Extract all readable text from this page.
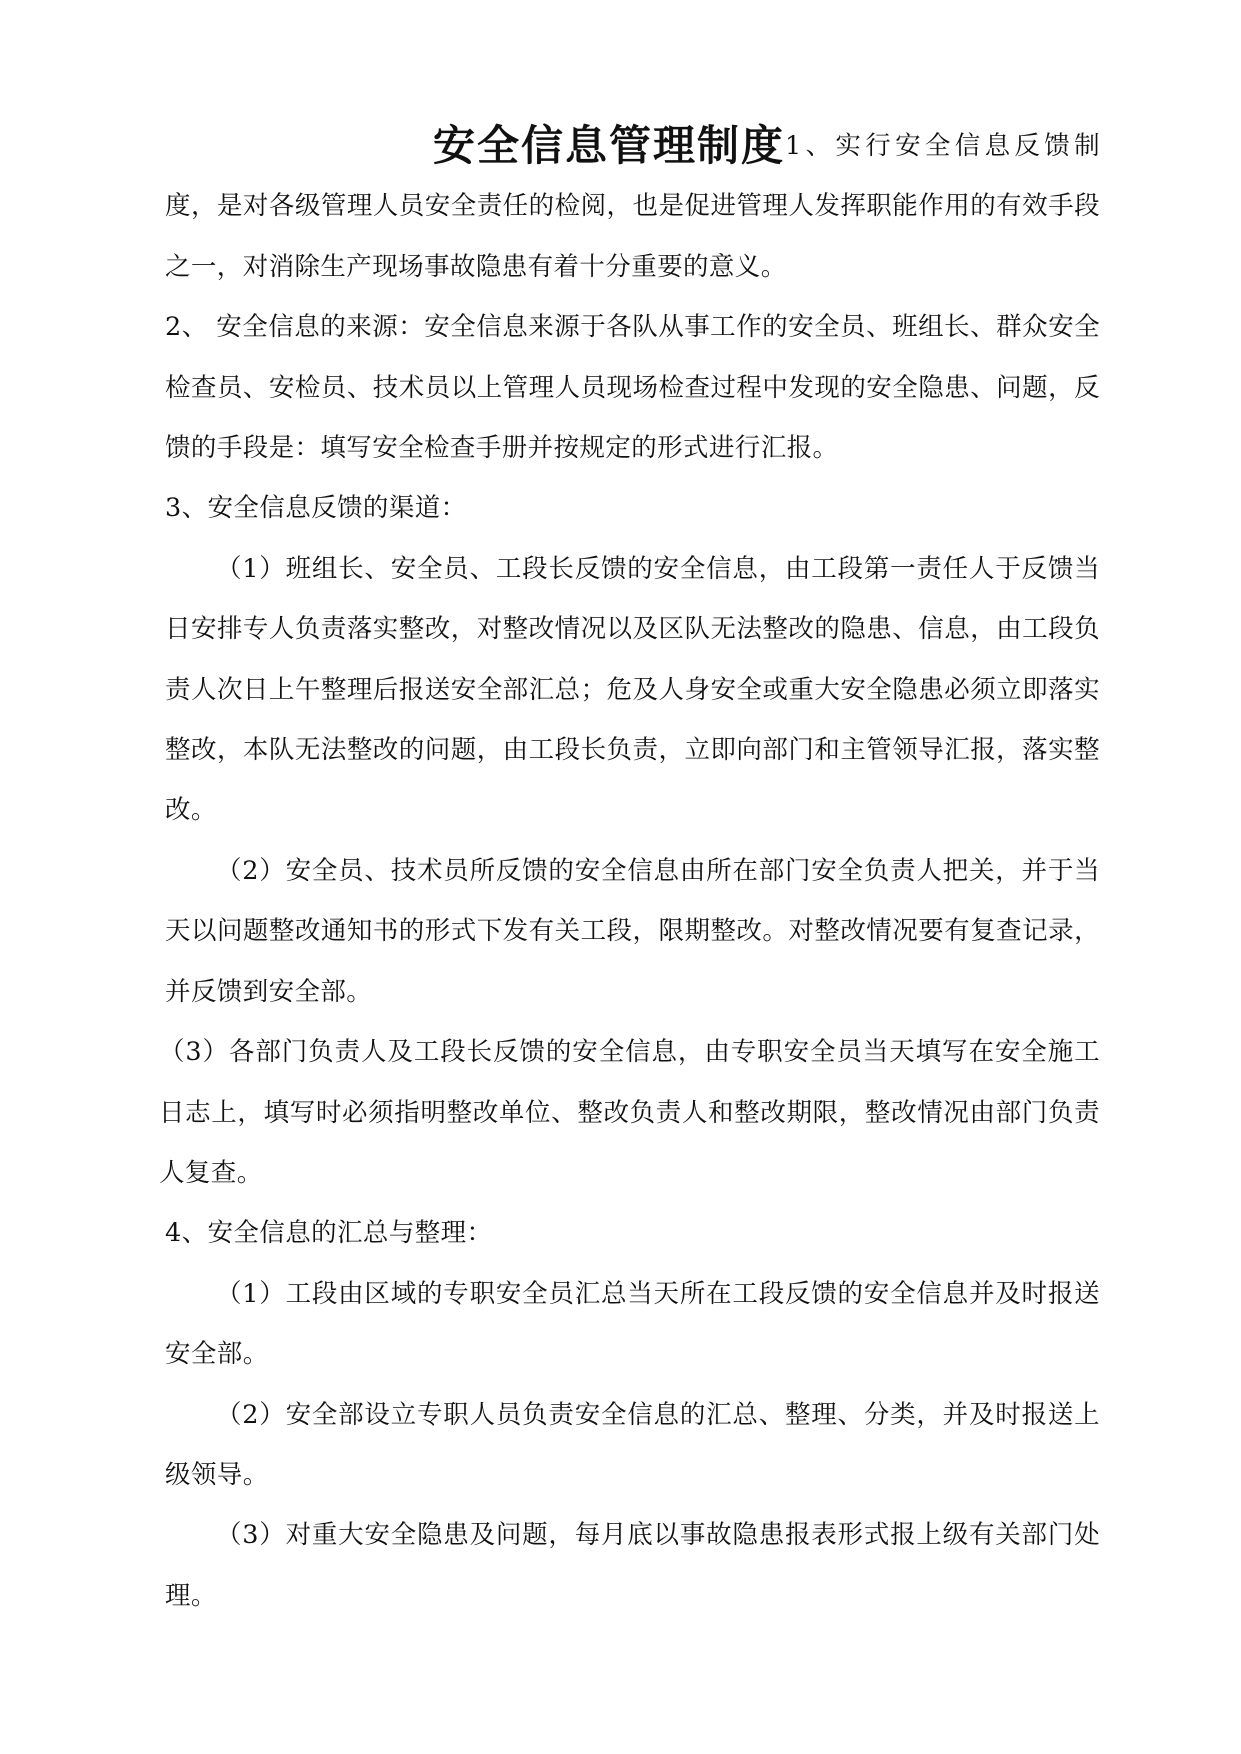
安全信息管理制度1、实行安全信息反馈制度，是对各级管理人员安全责任的检阅，也是促进管理人发挥职能作用的有效手段之一，对消除生产现场事故隐患有着十分重要的意义。

2、 安全信息的来源：安全信息来源于各队从事工作的安全员、班组长、群众安全检查员、安检员、技术员以上管理人员现场检查过程中发现的安全隐患、问题，反馈的手段是：填写安全检查手册并按规定的形式进行汇报。

3、安全信息反馈的渠道：

（1）班组长、安全员、工段长反馈的安全信息，由工段第一责任人于反馈当日安排专人负责落实整改，对整改情况以及区队无法整改的隐患、信息，由工段负责人次日上午整理后报送安全部汇总；危及人身安全或重大安全隐患必须立即落实整改，本队无法整改的问题，由工段长负责，立即向部门和主管领导汇报，落实整改。

（2）安全员、技术员所反馈的安全信息由所在部门安全负责人把关，并于当天以问题整改通知书的形式下发有关工段，限期整改。对整改情况要有复查记录，并反馈到安全部。

（3）各部门负责人及工段长反馈的安全信息，由专职安全员当天填写在安全施工日志上，填写时必须指明整改单位、整改负责人和整改期限，整改情况由部门负责人复查。

4、安全信息的汇总与整理：

（1）工段由区域的专职安全员汇总当天所在工段反馈的安全信息并及时报送安全部。

（2）安全部设立专职人员负责安全信息的汇总、整理、分类，并及时报送上级领导。

（3）对重大安全隐患及问题，每月底以事故隐患报表形式报上级有关部门处理。
